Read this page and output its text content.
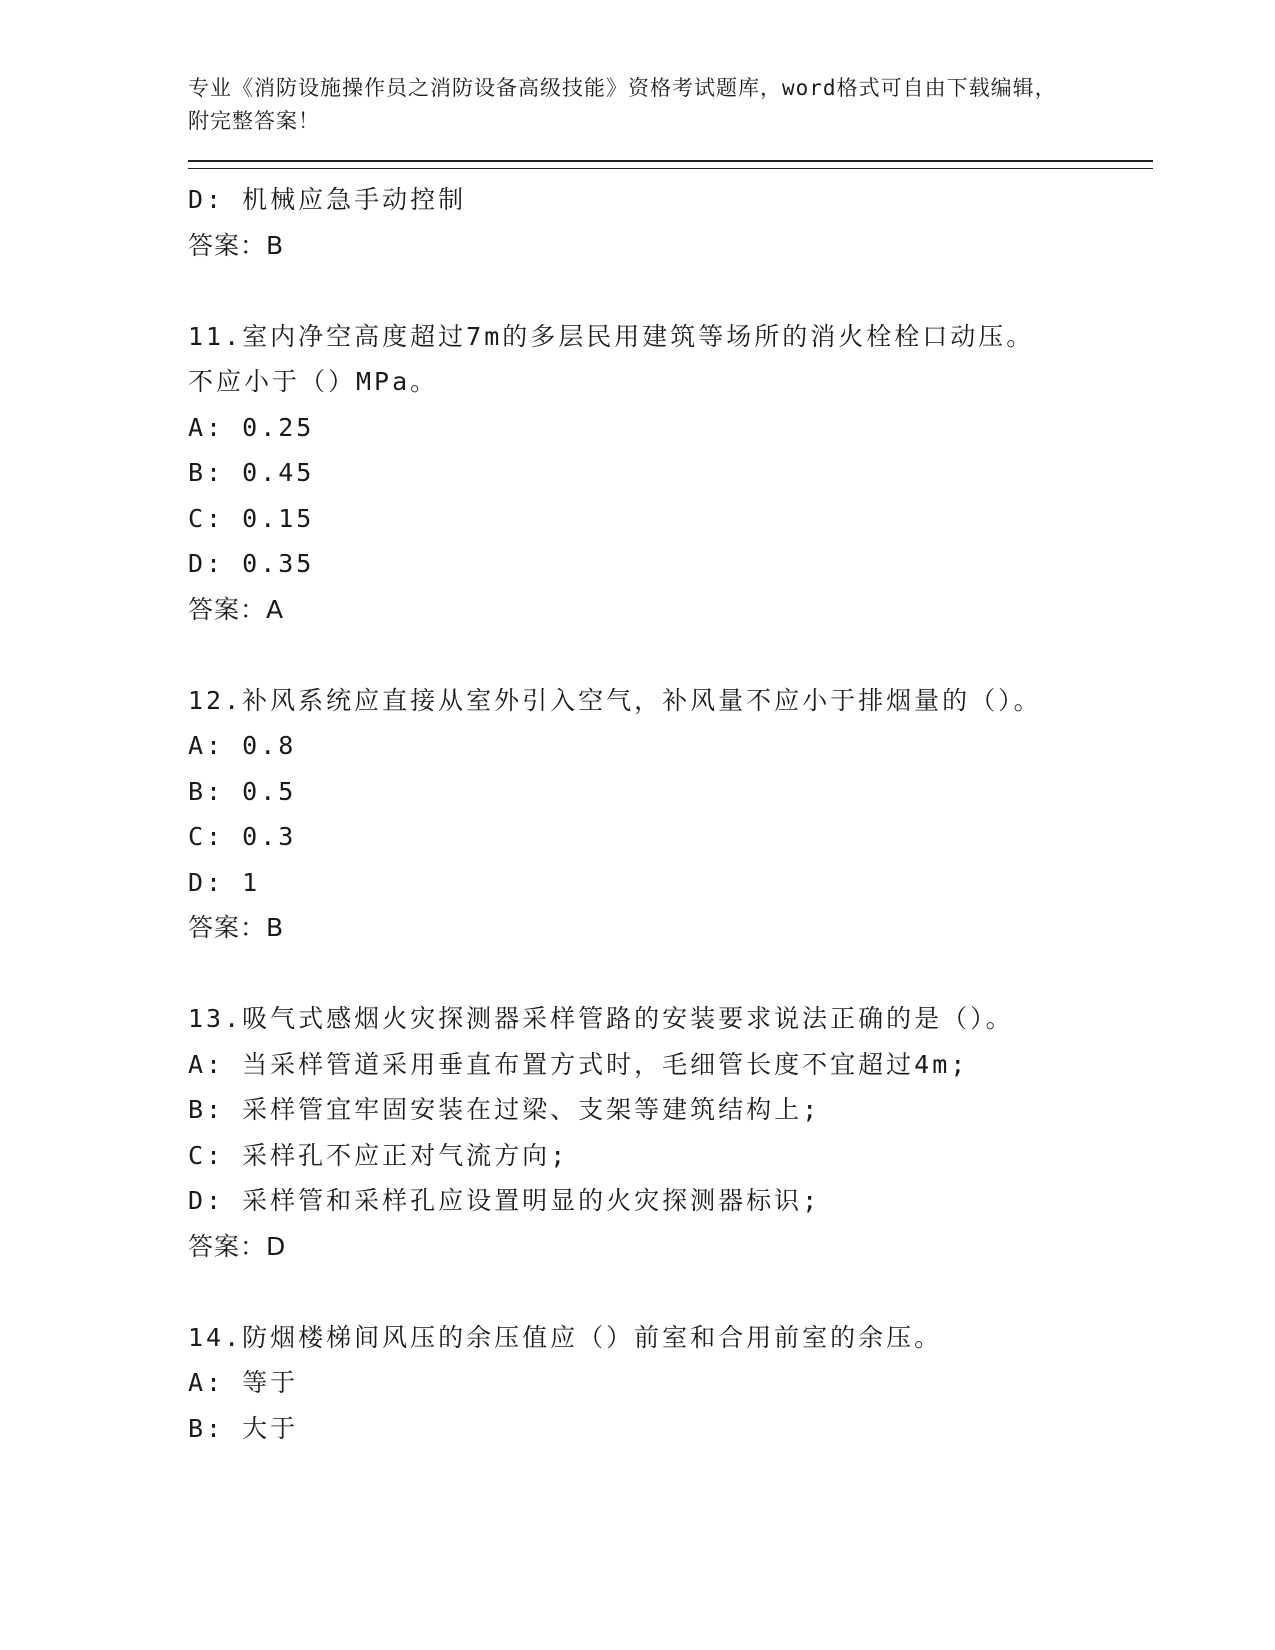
专业《消防设施操作员之消防设备高级技能》资格考试题库，word格式可自由下载编辑，附完整答案！

D: 机械应急手动控制
答案：B
11.室内净空高度超过7m的多层民用建筑等场所的消火栓栓口动压。
不应小于（）MPa。
A: 0.25
B: 0.45
C: 0.15
D: 0.35
答案：A
12.补风系统应直接从室外引入空气，补风量不应小于排烟量的（）。
A: 0.8
B: 0.5
C: 0.3
D: 1
答案：B
13.吸气式感烟火灾探测器采样管路的安装要求说法正确的是（）。
A: 当采样管道采用垂直布置方式时，毛细管长度不宜超过4m;
B: 采样管宜牢固安装在过梁、支架等建筑结构上;
C: 采样孔不应正对气流方向;
D: 采样管和采样孔应设置明显的火灾探测器标识;
答案：D
14.防烟楼梯间风压的余压值应（）前室和合用前室的余压。
A: 等于
B: 大于
